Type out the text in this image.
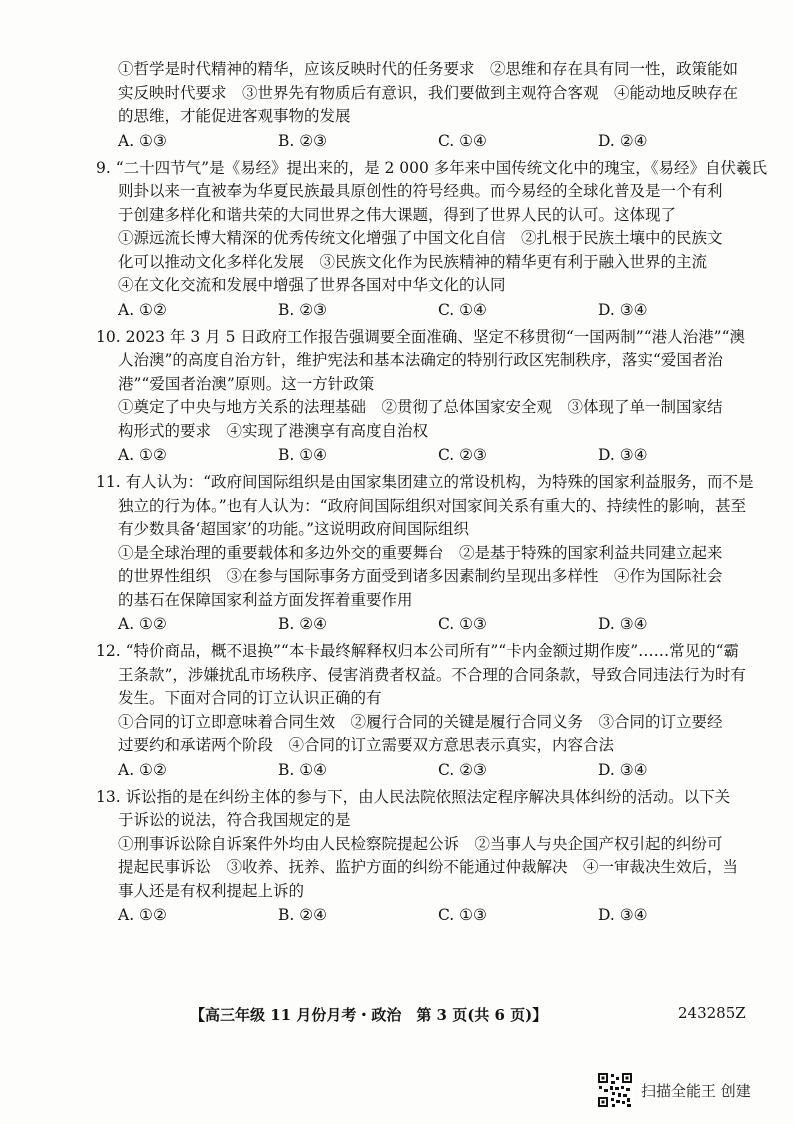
①哲学是时代精神的精华，应该反映时代的任务要求　②思维和存在具有同一性，政策能如
实反映时代要求　③世界先有物质后有意识，我们要做到主观符合客观　④能动地反映存在
的思维，才能促进客观事物的发展
A. ①③	B. ②③	C. ①④	D. ②④
9. “二十四节气”是《易经》提出来的，是 2 000 多年来中国传统文化中的瑰宝，《易经》自伏羲氏
则卦以来一直被奉为华夏民族最具原创性的符号经典。而今易经的全球化普及是一个有利
于创建多样化和谐共荣的大同世界之伟大课题，得到了世界人民的认可。这体现了
①源远流长博大精深的优秀传统文化增强了中国文化自信　②扎根于民族土壤中的民族文
化可以推动文化多样化发展　③民族文化作为民族精神的精华更有利于融入世界的主流
④在文化交流和发展中增强了世界各国对中华文化的认同
A. ①②	B. ②③	C. ①④	D. ③④
10. 2023 年 3 月 5 日政府工作报告强调要全面准确、坚定不移贯彻“一国两制”“港人治港”“澳
人治澳”的高度自治方针，维护宪法和基本法确定的特别行政区宪制秩序，落实“爱国者治
港”“爱国者治澳”原则。这一方针政策
①奠定了中央与地方关系的法理基础　②贯彻了总体国家安全观　③体现了单一制国家结
构形式的要求　④实现了港澳享有高度自治权
A. ①②	B. ①④	C. ②③	D. ③④
11. 有人认为：“政府间国际组织是由国家集团建立的常设机构，为特殊的国家利益服务，而不是
独立的行为体。”也有人认为：“政府间国际组织对国家间关系有重大的、持续性的影响，甚至
有少数具备‘超国家’的功能。”这说明政府间国际组织
①是全球治理的重要载体和多边外交的重要舞台　②是基于特殊的国家利益共同建立起来
的世界性组织　③在参与国际事务方面受到诸多因素制约呈现出多样性　④作为国际社会
的基石在保障国家利益方面发挥着重要作用
A. ①②	B. ②④	C. ①③	D. ③④
12. “特价商品，概不退换”“本卡最终解释权归本公司所有”“卡内金额过期作废”……常见的“霸
王条款”，涉嫌扰乱市场秩序、侵害消费者权益。不合理的合同条款，导致合同违法行为时有
发生。下面对合同的订立认识正确的有
①合同的订立即意味着合同生效　②履行合同的关键是履行合同义务　③合同的订立要经
过要约和承诺两个阶段　④合同的订立需要双方意思表示真实，内容合法
A. ①②	B. ①④	C. ②③	D. ③④
13. 诉讼指的是在纠纷主体的参与下，由人民法院依照法定程序解决具体纠纷的活动。以下关
于诉讼的说法，符合我国规定的是
①刑事诉讼除自诉案件外均由人民检察院提起公诉　②当事人与央企国产权引起的纠纷可
提起民事诉讼　③收养、抚养、监护方面的纠纷不能通过仲裁解决　④一审裁决生效后，当
事人还是有权利提起上诉的
A. ①②	B. ②④	C. ①③	D. ③④
【高三年级 11 月份月考・政治　第 3 页(共 6 页)】	243285Z
扫描全能王 创建
